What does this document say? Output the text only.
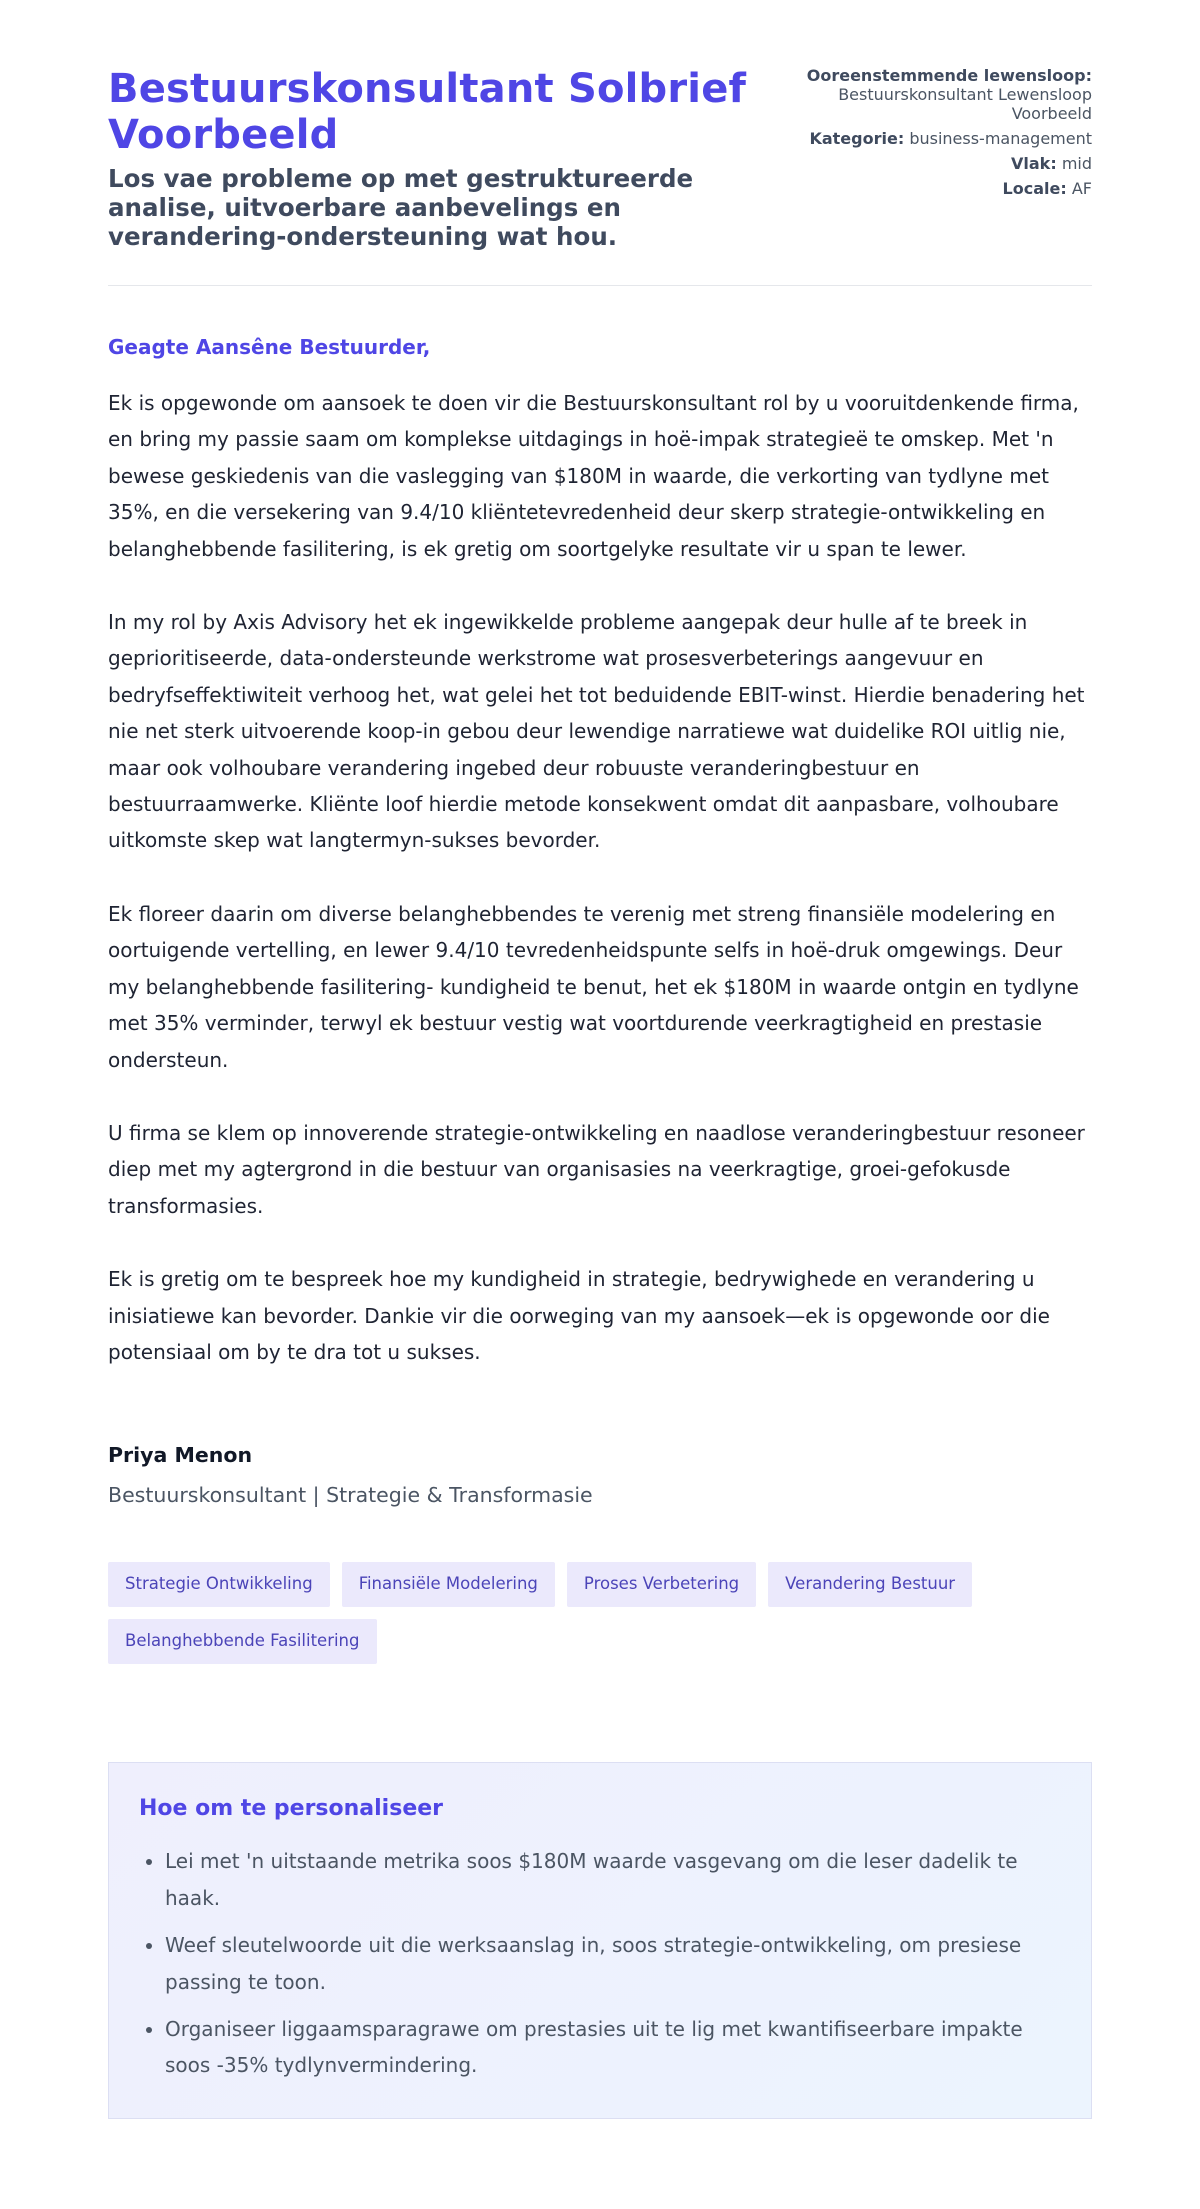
Bestuurskonsultant Solbrief Voorbeeld
Los vae probleme op met gestruktureerde analise, uitvoerbare aanbevelings en verandering-ondersteuning wat hou.
Ooreenstemmende lewensloop:
Bestuurskonsultant Lewensloop Voorbeeld
Kategorie: business-management
Vlak: mid
Locale: AF

Geagte Aansêne Bestuurder,

Ek is opgewonde om aansoek te doen vir die Bestuurskonsultant rol by u vooruitdenkende firma, en bring my passie saam om komplekse uitdagings in hoë-impak strategieë te omskep. Met 'n bewese geskiedenis van die vaslegging van $180M in waarde, die verkorting van tydlyne met 35%, en die versekering van 9.4/10 kliëntetevredenheid deur skerp strategie-ontwikkeling en belanghebbende fasilitering, is ek gretig om soortgelyke resultate vir u span te lewer.

In my rol by Axis Advisory het ek ingewikkelde probleme aangepak deur hulle af te breek in geprioritiseerde, data-ondersteunde werkstrome wat prosesverbeterings aangevuur en bedryfseffektiwiteit verhoog het, wat gelei het tot beduidende EBIT-winst. Hierdie benadering het nie net sterk uitvoerende koop-in gebou deur lewendige narratiewe wat duidelike ROI uitlig nie, maar ook volhoubare verandering ingebed deur robuuste veranderingbestuur en bestuurraamwerke. Kliënte loof hierdie metode konsekwent omdat dit aanpasbare, volhoubare uitkomste skep wat langtermyn-sukses bevorder.

Ek floreer daarin om diverse belanghebbendes te verenig met streng finansiële modelering en oortuigende vertelling, en lewer 9.4/10 tevredenheidspunte selfs in hoë-druk omgewings. Deur my belanghebbende fasilitering- kundigheid te benut, het ek $180M in waarde ontgin en tydlyne met 35% verminder, terwyl ek bestuur vestig wat voortdurende veerkragtigheid en prestasie ondersteun.

U firma se klem op innoverende strategie-ontwikkeling en naadlose veranderingbestuur resoneer diep met my agtergrond in die bestuur van organisasies na veerkragtige, groei-gefokusde transformasies.

Ek is gretig om te bespreek hoe my kundigheid in strategie, bedrywighede en verandering u inisiatiewe kan bevorder. Dankie vir die oorweging van my aansoek—ek is opgewonde oor die potensiaal om by te dra tot u sukses.

Priya Menon
Bestuurskonsultant | Strategie & Transformasie
Strategie Ontwikkeling	Finansiële Modelering	Proses Verbetering	Verandering Bestuur
Belanghebbende Fasilitering
Hoe om te personaliseer
• Lei met 'n uitstaande metrika soos $180M waarde vasgevang om die leser dadelik te haak.
• Weef sleutelwoorde uit die werksaanslag in, soos strategie-ontwikkeling, om presiese passing te toon.
• Organiseer liggaamsparagrawe om prestasies uit te lig met kwantifiseerbare impakte soos -35% tydlynvermindering.
